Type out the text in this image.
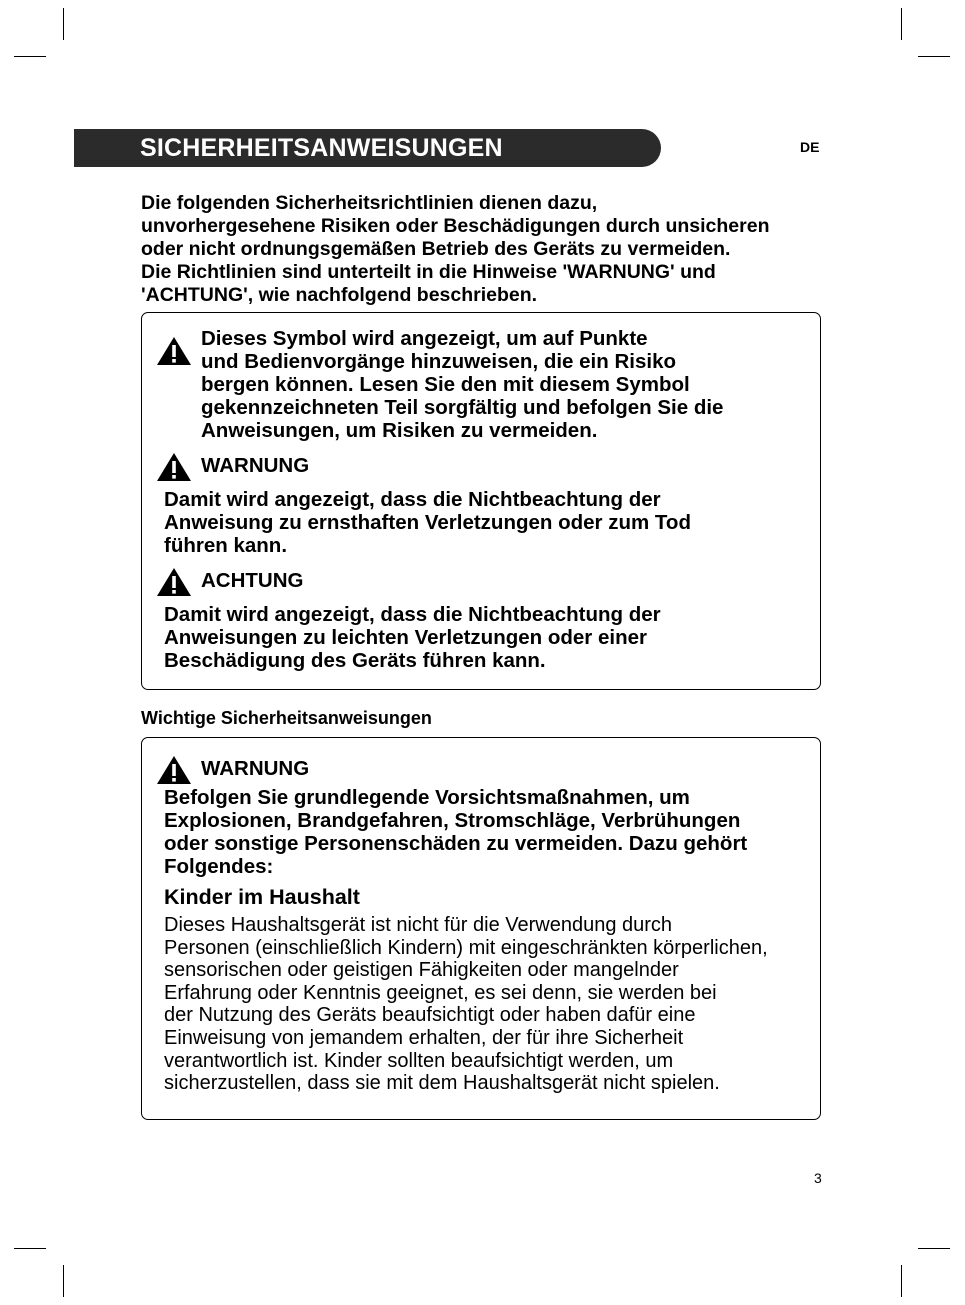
SICHERHEITSANWEISUNGEN	DE
Die folgenden Sicherheitsrichtlinien dienen dazu,
unvorhergesehene Risiken oder Beschädigungen durch unsicheren
oder nicht ordnungsgemäßen Betrieb des Geräts zu vermeiden.
Die Richtlinien sind unterteilt in die Hinweise 'WARNUNG' und
'ACHTUNG', wie nachfolgend beschrieben.
Dieses Symbol wird angezeigt, um auf Punkte
und Bedienvorgänge hinzuweisen, die ein Risiko
bergen können. Lesen Sie den mit diesem Symbol
gekennzeichneten Teil sorgfältig und befolgen Sie die
Anweisungen, um Risiken zu vermeiden.
WARNUNG
Damit wird angezeigt, dass die Nichtbeachtung der
Anweisung zu ernsthaften Verletzungen oder zum Tod
führen kann.
ACHTUNG
Damit wird angezeigt, dass die Nichtbeachtung der
Anweisungen zu leichten Verletzungen oder einer
Beschädigung des Geräts führen kann.
Wichtige Sicherheitsanweisungen
WARNUNG
Befolgen Sie grundlegende Vorsichtsmaßnahmen, um
Explosionen, Brandgefahren, Stromschläge, Verbrühungen
oder sonstige Personenschäden zu vermeiden. Dazu gehört
Folgendes:
Kinder im Haushalt
Dieses Haushaltsgerät ist nicht für die Verwendung durch
Personen (einschließlich Kindern) mit eingeschränkten körperlichen,
sensorischen oder geistigen Fähigkeiten oder mangelnder
Erfahrung oder Kenntnis geeignet, es sei denn, sie werden bei
der Nutzung des Geräts beaufsichtigt oder haben dafür eine
Einweisung von jemandem erhalten, der für ihre Sicherheit
verantwortlich ist. Kinder sollten beaufsichtigt werden, um
sicherzustellen, dass sie mit dem Haushaltsgerät nicht spielen.
3
